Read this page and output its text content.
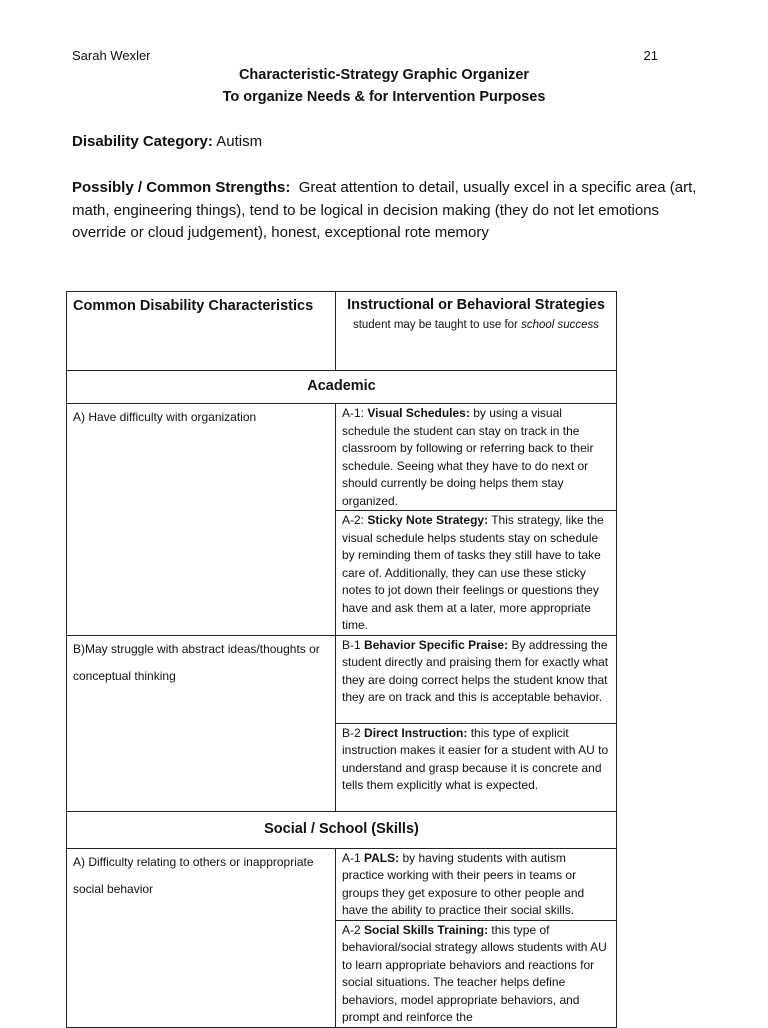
Sarah Wexler	21
Characteristic-Strategy Graphic Organizer
To organize Needs & for Intervention Purposes
Disability Category: Autism
Possibly / Common Strengths: Great attention to detail, usually excel in a specific area (art, math, engineering things), tend to be logical in decision making (they do not let emotions override or cloud judgement), honest, exceptional rote memory
Common Disability Characteristics	Instructional or Behavioral Strategies
student may be taught to use for school success

Academic	
A) Have difficulty with organization	A-1: Visual Schedules: by using a visual schedule the student can stay on track in the classroom by following or referring back to their schedule. Seeing what they have to do next or should currently be doing helps them stay organized.
	A-2: Sticky Note Strategy: This strategy, like the visual schedule helps students stay on schedule by reminding them of tasks they still have to take care of. Additionally, they can use these sticky notes to jot down their feelings or questions they have and ask them at a later, more appropriate time.
B)May struggle with abstract ideas/thoughts or conceptual thinking	B-1 Behavior Specific Praise: By addressing the student directly and praising them for exactly what they are doing correct helps the student know that they are on track and this is acceptable behavior.
	B-2 Direct Instruction: this type of explicit instruction makes it easier for a student with AU to understand and grasp because it is concrete and tells them explicitly what is expected.
Social / School (Skills)	
A) Difficulty relating to others or inappropriate social behavior	A-1 PALS: by having students with autism practice working with their peers in teams or groups they get exposure to other people and have the ability to practice their social skills.
	A-2 Social Skills Training: this type of behavioral/social strategy allows students with AU to learn appropriate behaviors and reactions for social situations. The teacher helps define behaviors, model appropriate behaviors, and prompt and reinforce the
